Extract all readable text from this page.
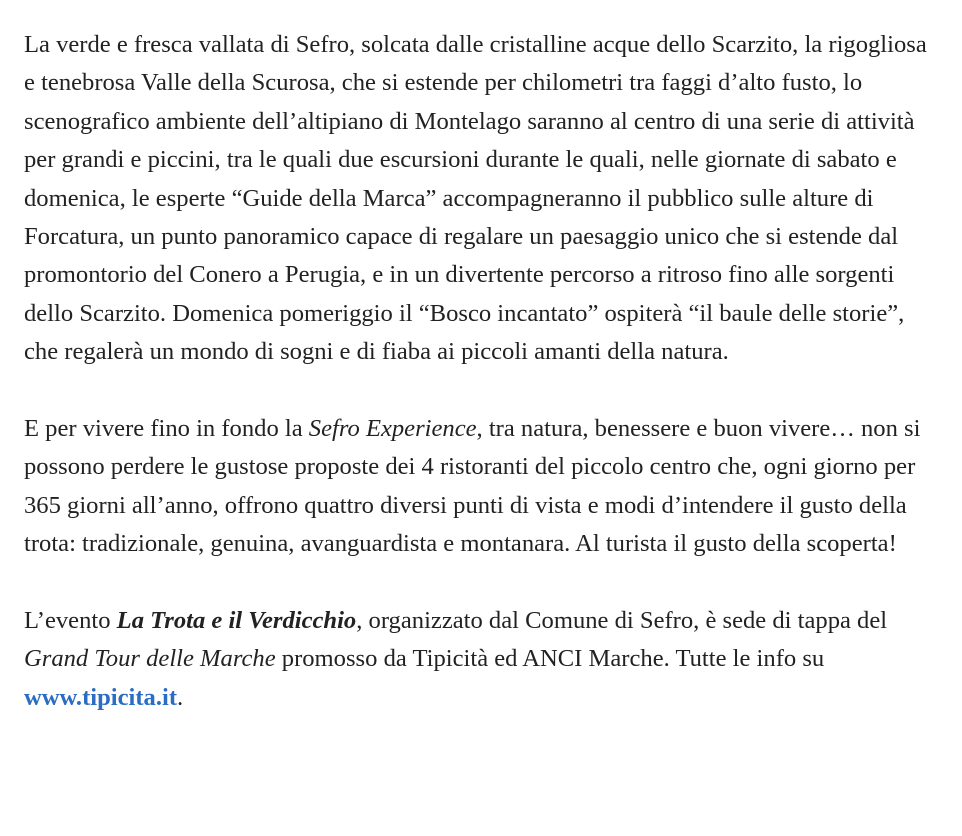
La verde e fresca vallata di Sefro, solcata dalle cristalline acque dello Scarzito, la rigogliosa e tenebrosa Valle della Scurosa, che si estende per chilometri tra faggi d’alto fusto, lo scenografico ambiente dell’altipiano di Montelago saranno al centro di una serie di attività per grandi e piccini, tra le quali due escursioni durante le quali, nelle giornate di sabato e domenica, le esperte “Guide della Marca” accompagneranno il pubblico sulle alture di Forcatura, un punto panoramico capace di regalare un paesaggio unico che si estende dal promontorio del Conero a Perugia, e in un divertente percorso a ritroso fino alle sorgenti dello Scarzito. Domenica pomeriggio il “Bosco incantato” ospiterà “il baule delle storie”, che regalerà un mondo di sogni e di fiaba ai piccoli amanti della natura.

E per vivere fino in fondo la Sefro Experience, tra natura, benessere e buon vivere… non si possono perdere le gustose proposte dei 4 ristoranti del piccolo centro che, ogni giorno per 365 giorni all’anno, offrono quattro diversi punti di vista e modi d’intendere il gusto della trota: tradizionale, genuina, avanguardista e montanara. Al turista il gusto della scoperta!

L’evento La Trota e il Verdicchio, organizzato dal Comune di Sefro, è sede di tappa del Grand Tour delle Marche promosso da Tipicità ed ANCI Marche. Tutte le info su www.tipicita.it.
